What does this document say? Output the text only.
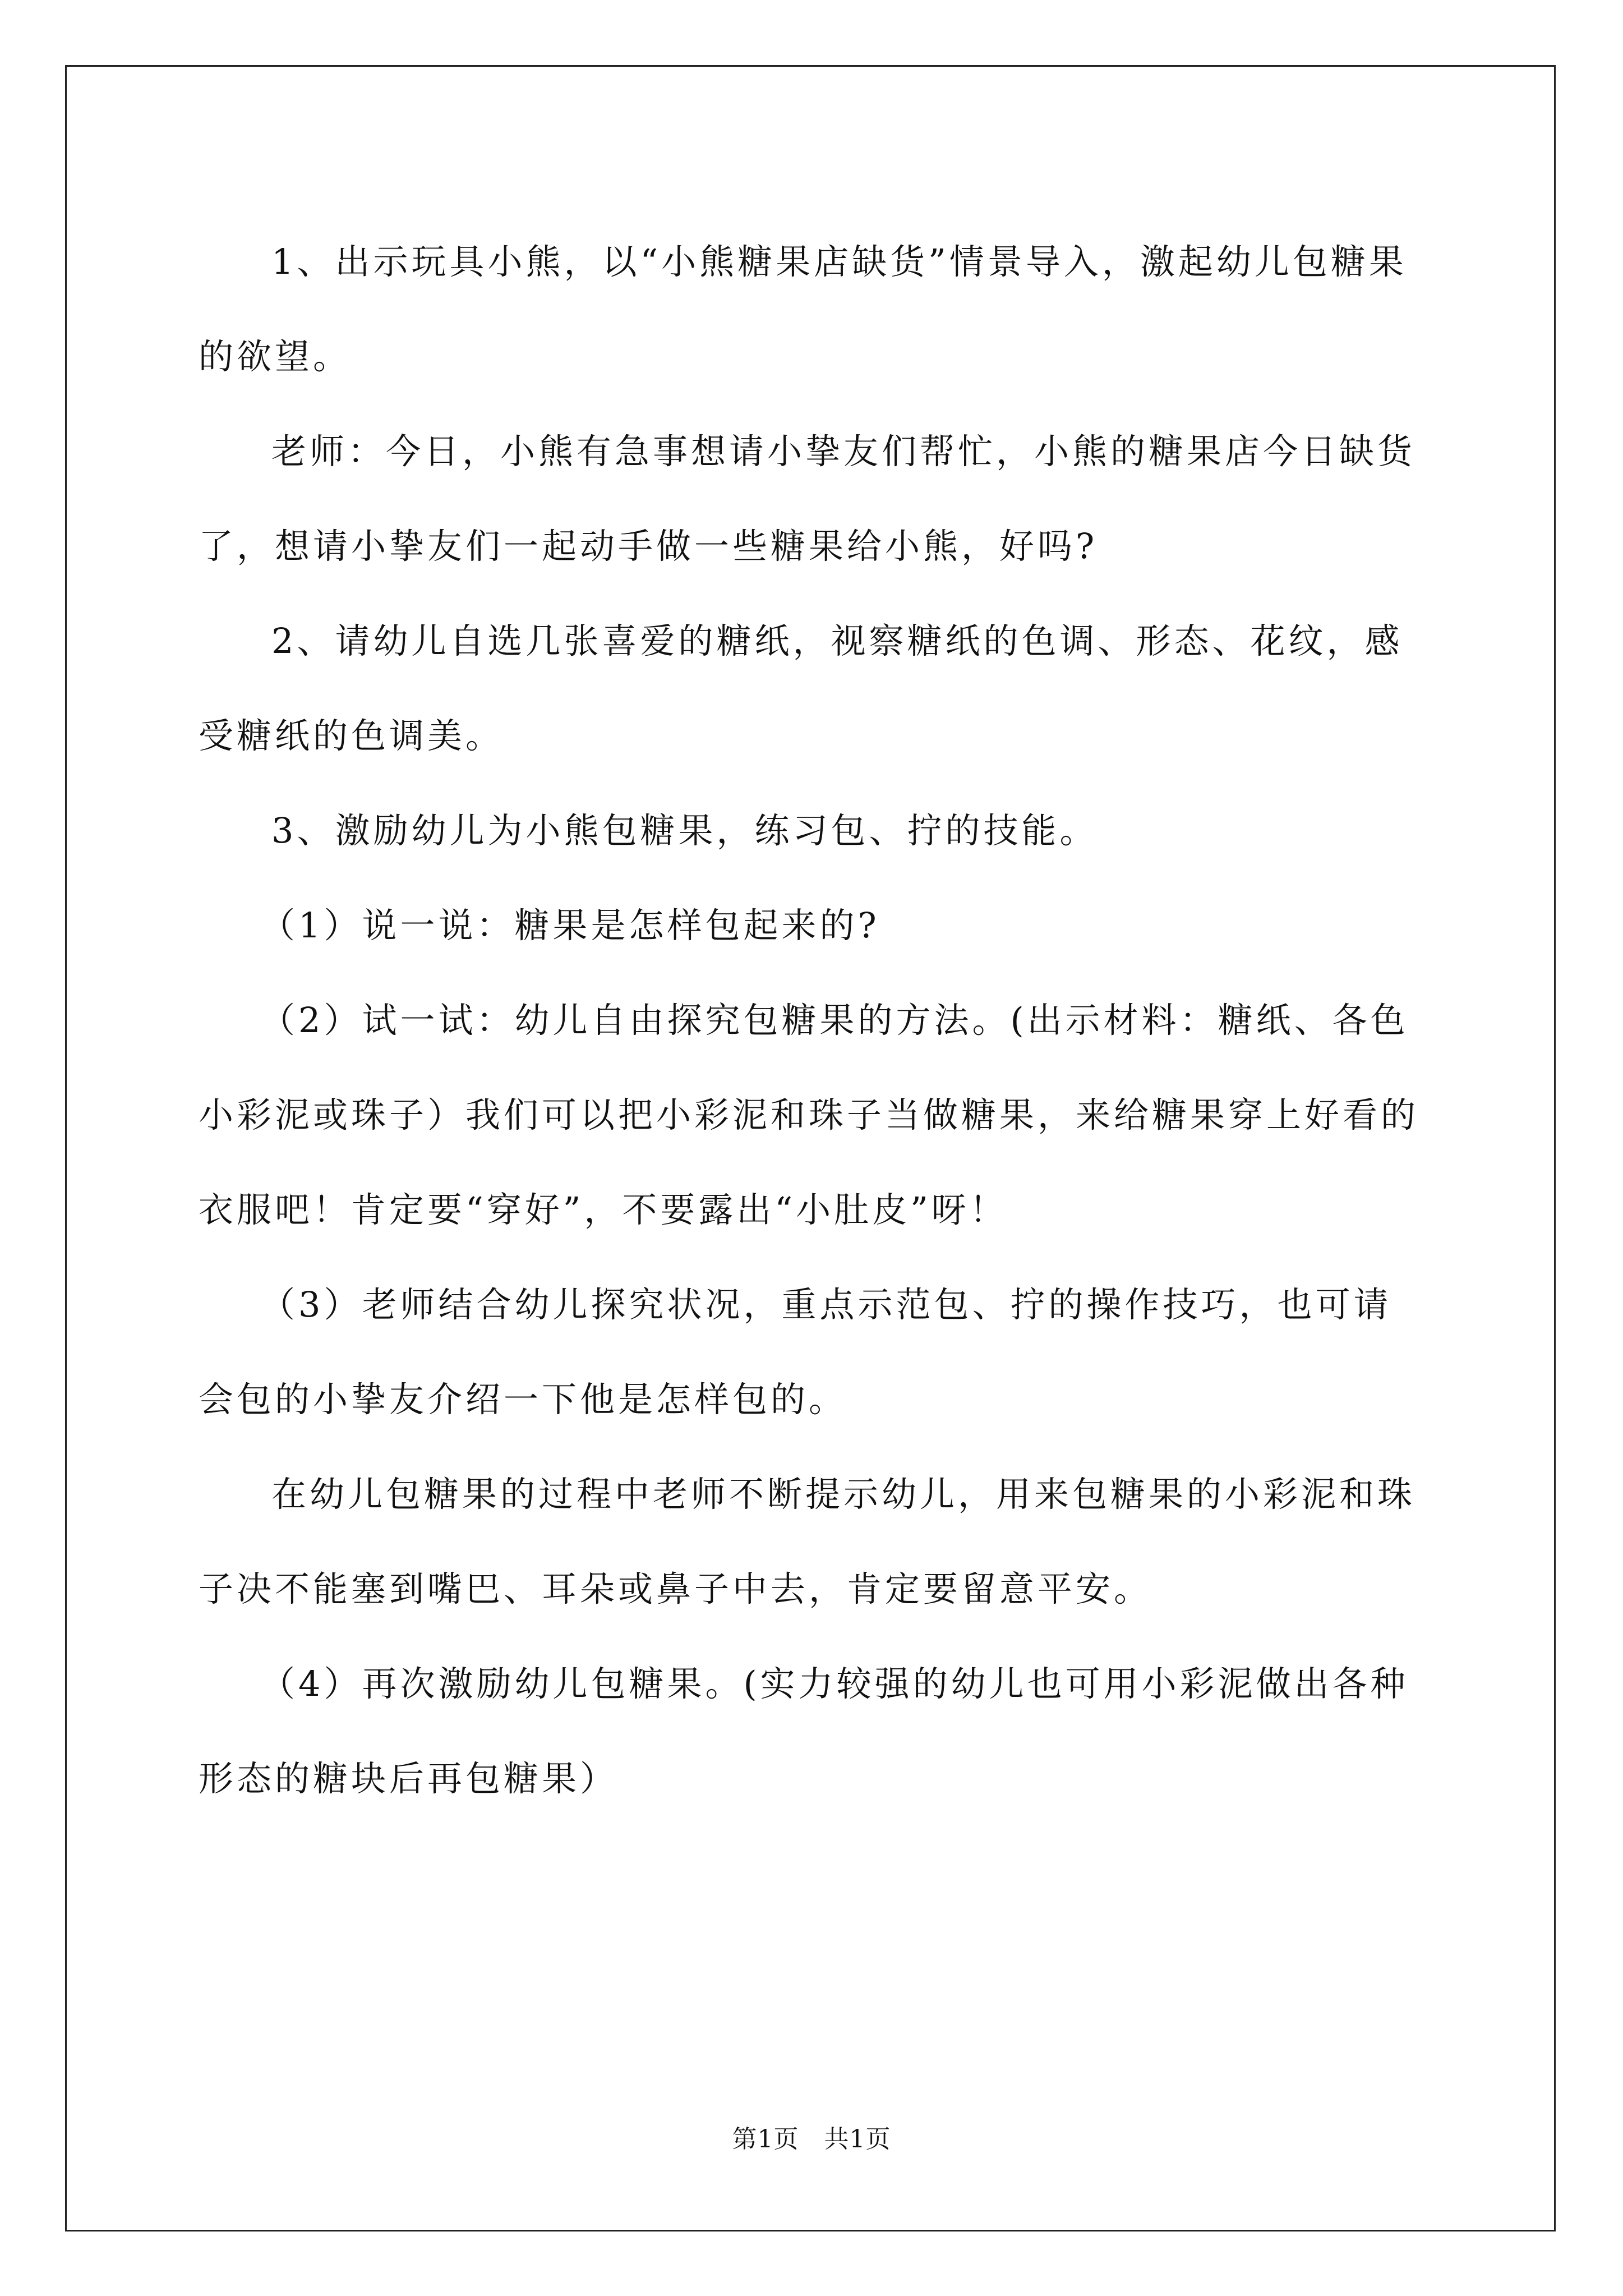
1、出示玩具小熊，以“小熊糖果店缺货”情景导入，激起幼儿包糖果的欲望。

老师：今日，小熊有急事想请小挚友们帮忙，小熊的糖果店今日缺货了，想请小挚友们一起动手做一些糖果给小熊，好吗?

2、请幼儿自选几张喜爱的糖纸，视察糖纸的色调、形态、花纹，感受糖纸的色调美。

3、激励幼儿为小熊包糖果，练习包、拧的技能。

（1）说一说：糖果是怎样包起来的?

（2）试一试：幼儿自由探究包糖果的方法。(出示材料：糖纸、各色小彩泥或珠子）我们可以把小彩泥和珠子当做糖果，来给糖果穿上好看的衣服吧！肯定要“穿好”，不要露出“小肚皮”呀！

（3）老师结合幼儿探究状况，重点示范包、拧的操作技巧，也可请会包的小挚友介绍一下他是怎样包的。

在幼儿包糖果的过程中老师不断提示幼儿，用来包糖果的小彩泥和珠子决不能塞到嘴巴、耳朵或鼻子中去，肯定要留意平安。

（4）再次激励幼儿包糖果。(实力较强的幼儿也可用小彩泥做出各种形态的糖块后再包糖果）

第1页   共1页
